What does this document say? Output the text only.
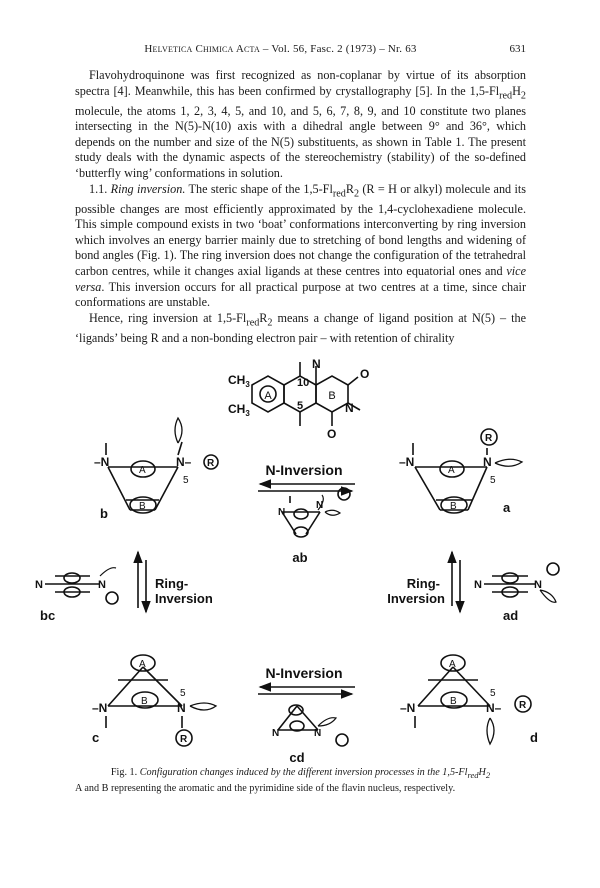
Helvetica Chimica Acta – Vol. 56, Fasc. 2 (1973) – Nr. 63	631

Flavohydroquinone was first recognized as non-coplanar by virtue of its absorption spectra [4]. Meanwhile, this has been confirmed by crystallography [5]. In the $1,5-Fl_{red}H_2$ molecule, the atoms 1, 2, 3, 4, 5, and 10, and 5, 6, 7, 8, 9, and 10 constitute two planes intersecting in the N(5)-N(10) axis with a dihedral angle between 9° and 36°, which depends on the number and size of the N(5) substituents, as shown in Table 1. The present study deals with the dynamic aspects of the stereochemistry (stability) of the so-defined ‘butterfly wing’ conformations in solution.

1.1. Ring inversion. The steric shape of the $1,5-Fl_{red}R_2$ (R = H or alkyl) molecule and its possible changes are most efficiently approximated by the 1,4-cyclohexadiene molecule. This simple compound exists in two ‘boat’ conformations interconverting by ring inversion which involves an energy barrier mainly due to stretching of bond lengths and widening of bond angles (Fig. 1). The ring inversion does not change the configuration of the tetrahedral carbon centres, while it changes axial ligands at these centres into equatorial ones and vice versa. This inversion occurs for all practical purpose at two centres at a time, since chair conformations are unstable.

Hence, ring inversion at $1,5-Fl_{red}R_2$ means a change of ligand position at N(5) – the ‘ligands’ being R and a non-bonding electron pair – with retention of chirality

A	B
$CH_3$
$CH_3$
10
5
N
N
O
O
A
B
–N	N– R
5
b
A
B
–N	N
R
5
a
N-Inversion
N
N
ab
Ring-
Inversion
N	N
bc
Ring-
Inversion
N	N
ad
A
B
–N	N
R
5
c
N-Inversion
N	N
cd
A
B
–N	N– R
5
d
Fig. 1. Configuration changes induced by the different inversion processes in the $1,5-Fl_{red}H_2$
A and B representing the aromatic and the pyrimidine side of the flavin nucleus, respectively.
